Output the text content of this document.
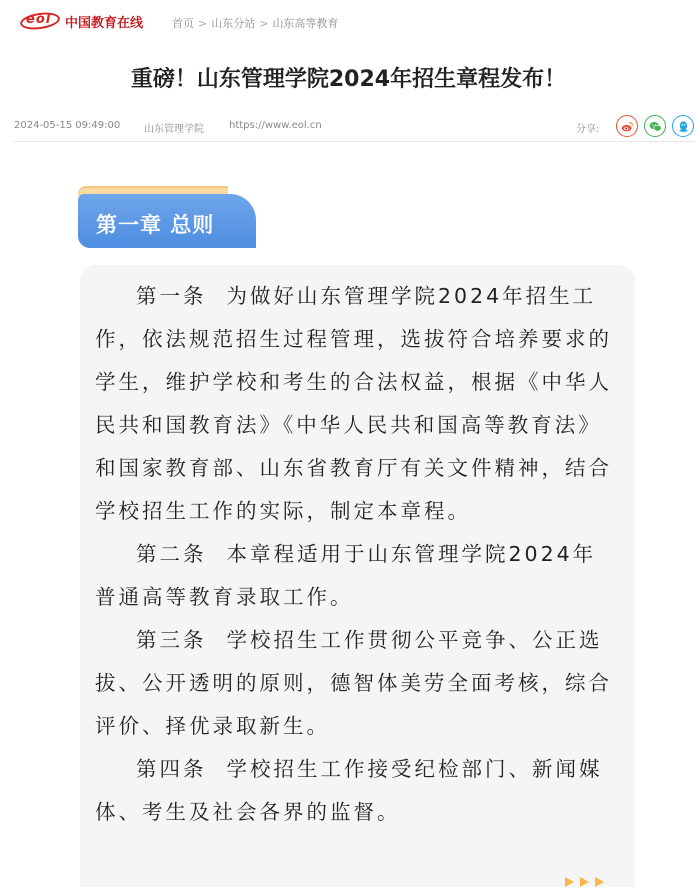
eol 中国教育在线	首页 > 山东分站 > 山东高等教育
重磅！山东管理学院2024年招生章程发布！
2024-05-15 09:49:00 山东管理学院	https://www.eol.cn	分享:
第一章 总则

第一条 为做好山东管理学院2024年招生工作，依法规范招生过程管理，选拔符合培养要求的学生，维护学校和考生的合法权益，根据《中华人民共和国教育法》《中华人民共和国高等教育法》和国家教育部、山东省教育厅有关文件精神，结合学校招生工作的实际，制定本章程。

第二条 本章程适用于山东管理学院2024年普通高等教育录取工作。

第三条 学校招生工作贯彻公平竞争、公正选拔、公开透明的原则，德智体美劳全面考核，综合评价、择优录取新生。

第四条 学校招生工作接受纪检部门、新闻媒体、考生及社会各界的监督。
